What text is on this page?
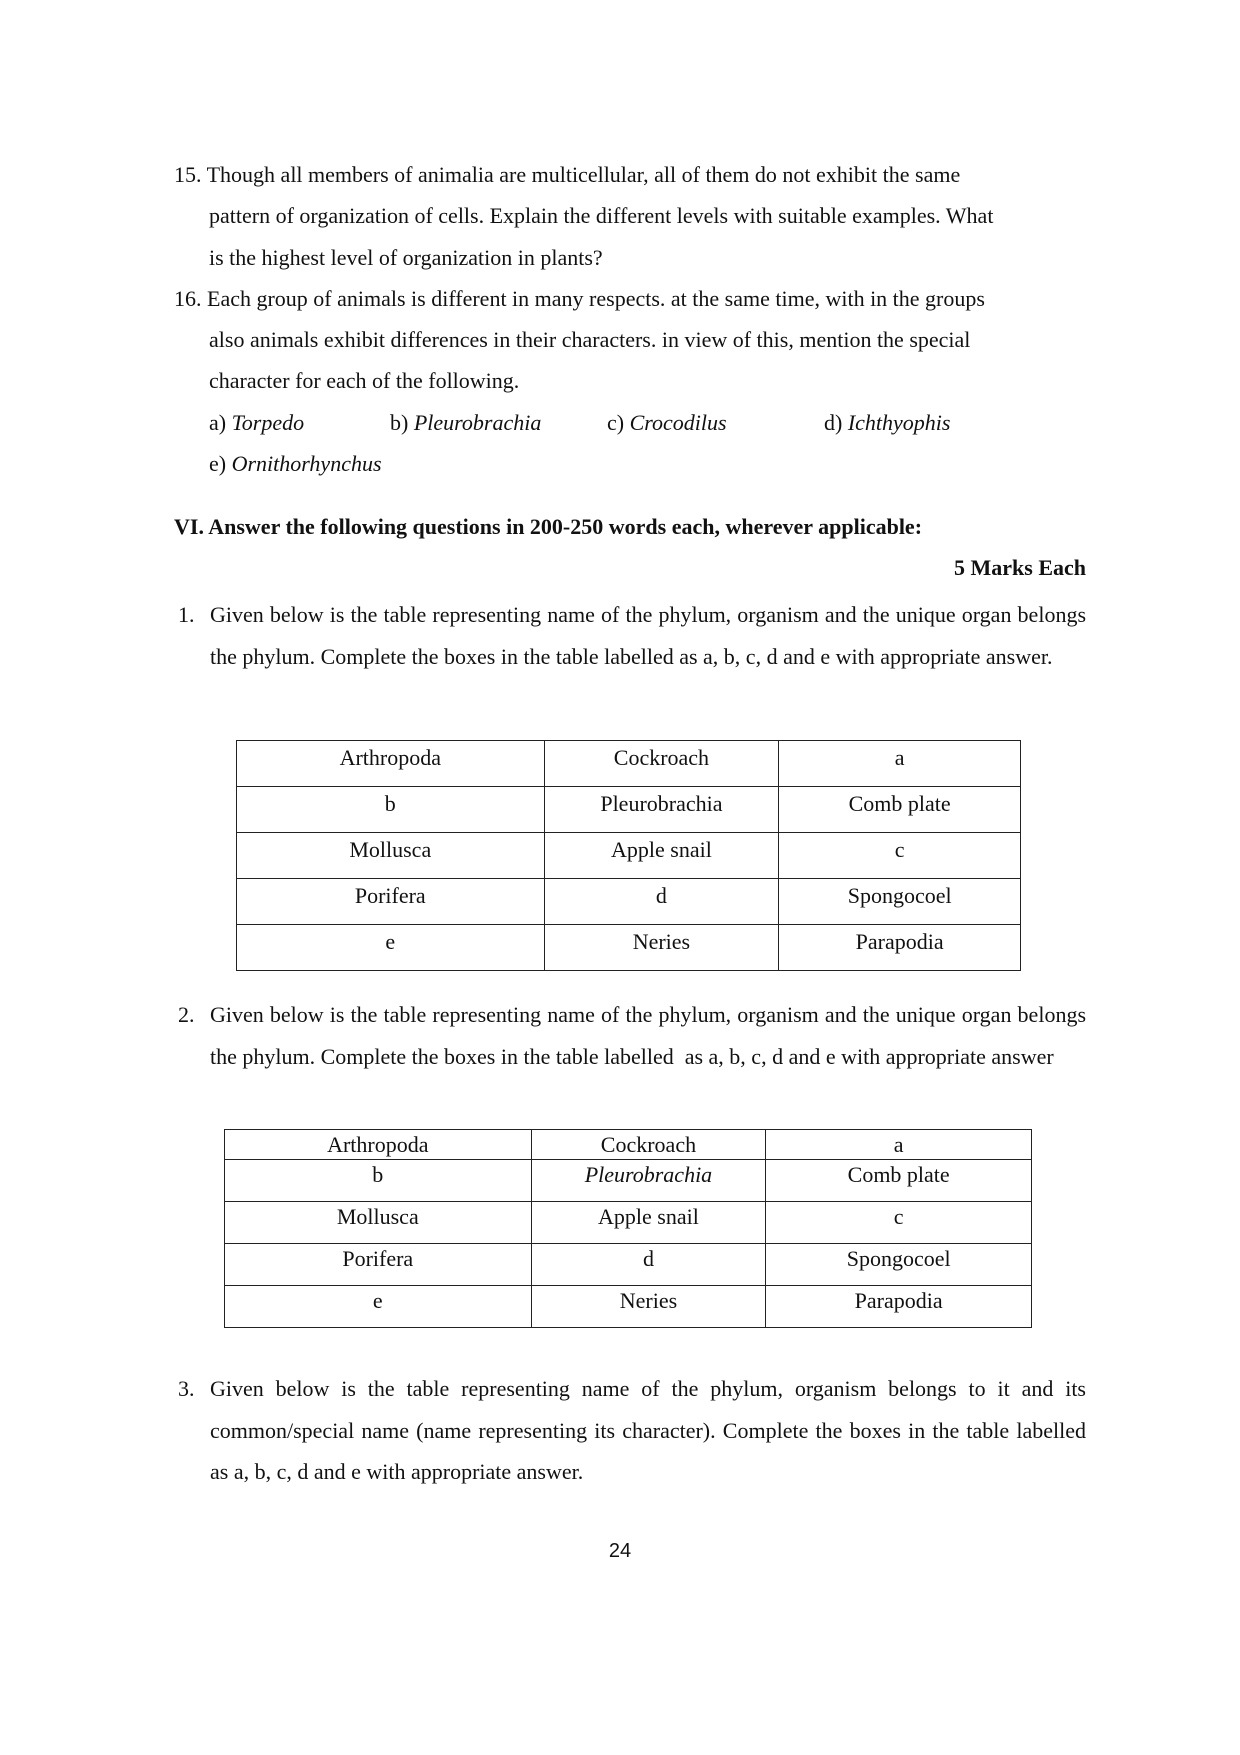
15. Though all members of animalia are multicellular, all of them do not exhibit the same
pattern of organization of cells. Explain the different levels with suitable examples. What
is the highest level of organization in plants?
16. Each group of animals is different in many respects. at the same time, with in the groups
also animals exhibit differences in their characters. in view of this, mention the special
character for each of the following.
a) Torpedo	b) Pleurobrachia	c) Crocodilus	d) Ichthyophis
e) Ornithorhynchus
VI. Answer the following questions in 200-250 words each, wherever applicable:
5 Marks Each
1. Given below is the table representing name of the phylum, organism and the unique organ belongs the phylum. Complete the boxes in the table labelled as a, b, c, d and e with appropriate answer.
Arthropoda	Cockroach	a
b	Pleurobrachia	Comb plate
Mollusca	Apple snail	c
Porifera	d	Spongocoel
e	Neries	Parapodia
2. Given below is the table representing name of the phylum, organism and the unique organ belongs the phylum. Complete the boxes in the table labelled  as a, b, c, d and e with appropriate answer
Arthropoda	Cockroach	a
b	Pleurobrachia	Comb plate
Mollusca	Apple snail	c
Porifera	d	Spongocoel
e	Neries	Parapodia
3. Given below is the table representing name of the phylum, organism belongs to it and its common/special name (name representing its character). Complete the boxes in the table labelled as a, b, c, d and e with appropriate answer.
24
